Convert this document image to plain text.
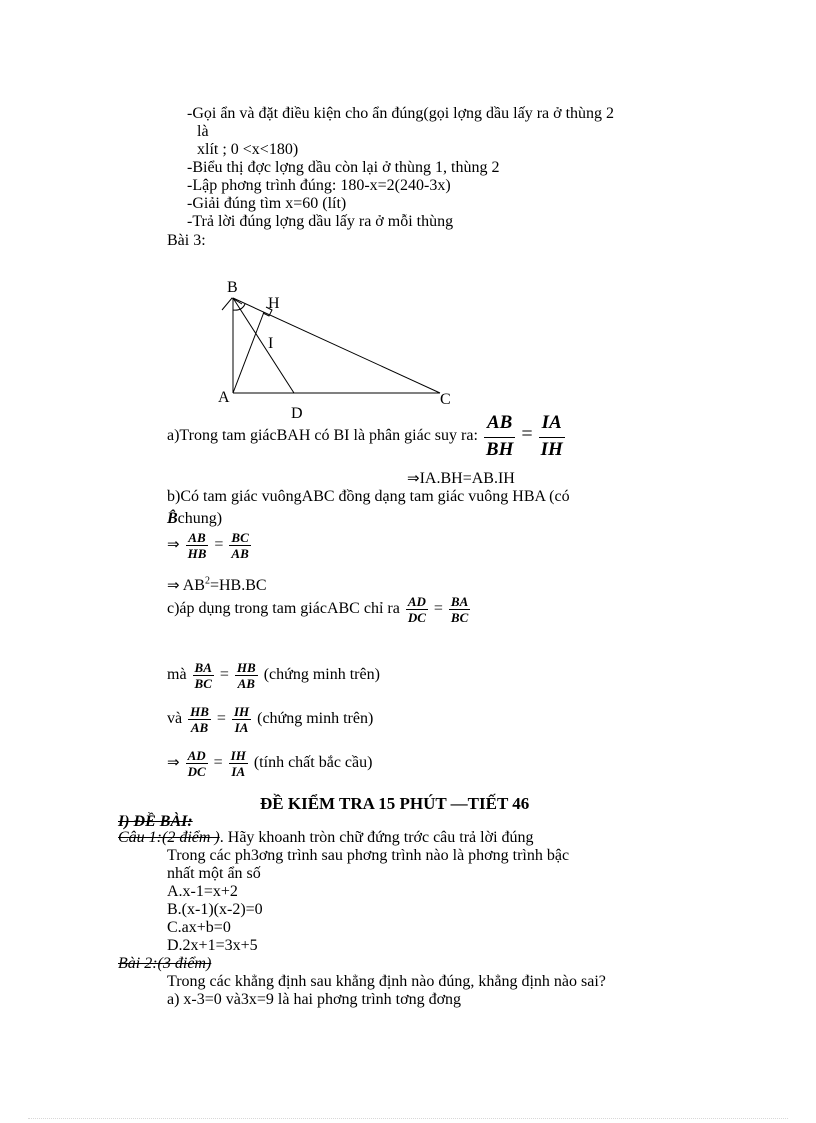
-Gọi ẩn và đặt điều kiện cho ẩn đúng(gọi lợng dầu lấy ra ở thùng 2
là
xlít ; 0 <x<180)
-Biểu thị đợc lợng dầu còn lại ở thùng 1, thùng 2
-Lập phơng trình đúng: 180-x=2(240-3x)
-Giải đúng tìm x=60 (lít)
-Trả lời đúng lợng dầu lấy ra ở mỗi thùng
Bài 3:
B
H
I
A
D
C
a)Trong tam giácBAH có BI là phân giác suy ra: $\frac{AB}{BH} = \frac{IA}{IH}$
⇒IA.BH=AB.IH
b)Có tam giác vuôngABC đồng dạng tam giác vuông HBA (có
B̂chung)
⇒ $\frac{AB}{HB} = \frac{BC}{AB}$
⇒ $AB^2=HB.BC$
c)áp dụng trong tam giácABC chỉ ra $\frac{AD}{DC} = \frac{BA}{BC}$
mà $\frac{BA}{BC} = \frac{HB}{AB}$ (chứng minh trên)
và $\frac{HB}{AB} = \frac{IH}{IA}$ (chứng minh trên)
⇒ $\frac{AD}{DC} = \frac{IH}{IA}$ (tính chất bắc cầu)
ĐỀ KIỂM TRA 15 PHÚT —TIẾT 46
I) ĐỀ BÀI:
Câu 1:(2 điểm ). Hãy khoanh tròn chữ đứng trớc câu trả lời đúng
Trong các ph3ơng trình sau phơng trình nào là phơng trình bậc
nhất một ẩn số
A.x-1=x+2
B.(x-1)(x-2)=0
C.ax+b=0
D.2x+1=3x+5
Bài 2:(3 điểm)
Trong các khẳng định sau khẳng định nào đúng, khẳng định nào sai?
a) x-3=0 và3x=9 là hai phơng trình tơng đơng
